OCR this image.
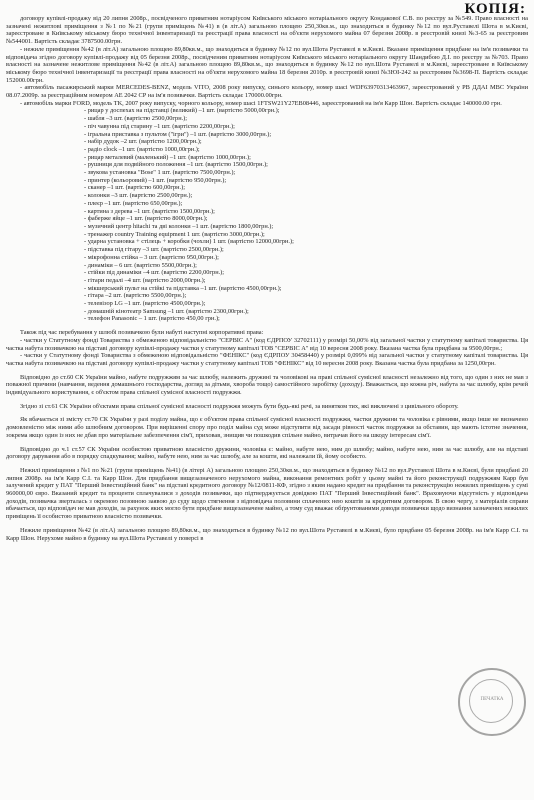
КОПІЯ:

договору купівлі-продажу від 20 липня 2008р., посвідченого приватним нотаріусом Київського міського нотаріального округу Кондакової С.В. по реєстру за №549. Право власності на зазначені нежитлові приміщення з №1 по №21 (групи приміщень №41) в (в літ.А) загальною площею 250,30кв.м., що знаходиться в будинку №12 по вул.Руставелі Шота в м.Києві, зареєстроване в Київському міському бюро технічної інвентаризації та реєстрації права власності на об'єкти нерухомого майна 07 березня 2008р. в реєстровій книзі №3-65 за реєстровим №544001. Вартість складає 3787500.00грн.

- нежиле приміщення №42 (в літ.А) загальною площею 89,80кв.м., що знаходиться в будинку №12 по вул.Шота Руставелі в м.Києві. Вказане приміщення придбане на ім'я позивачки та відповідача згідно договору купівлі-продажу від 05 березня 2008р., посвідченим приватним нотаріусом Київського міського нотаріального округу Шандибою Д.І. по реєстру за №703. Право власності на зазначене нежитлове приміщення №42 (в літ.А) загальною площею 89,80кв.м., що знаходиться в будинку №12 по вул.Шота Руставелі в м.Києві, зареєстроване в Київському міському бюро технічної інвентаризації та реєстрації права власності на об'єкти нерухомого майна 18 березня 2010р. в реєстровій книзі №3ЮІ-242 за реєстровим №3698-П. Вартість складає 152000.00грн.

- автомобіль пасажирський марки MERCEDES-BENZ, модель VITO, 2008 року випуску, синього кольору, номер шасі WDF63970313463967, зареєстрований у РВ ДДАІ МВС України 08.07.2009р. за реєстраційним номером АЕ 2042 СР на ім'я позивачки. Вартість складає 170000.00грн.

- автомобіль марки FORD, модель TK, 2007 року випуску, чорного кольору, номер шасі 1FTSW21Y27EB08446, зареєстрований на ім'я Карр Шон. Вартість складає 140000.00 грн.

- рицар у доспехах на підставці (великий) –1 шт. (вартістю 5000,00грн.);
- шабля –3 шт. (вартістю 2500,00грн.);
- піч чавунна під старину –1 шт. (вартістю 2200,00грн.);
- ігральна приставка з пультом ("ігри") –1 шт. (вартістю 3000,00грн.);
- набір дудок –2 шт. (вартістю 1200,00грн.);
- радіо clock –1 шт. (вартістю 1000,00грн.);
- рицар металевий (маленький) –1 шт. (вартістю 1000,00грн.);
- рушниця для подвійного положення –1 шт. (вартістю 1500,00грн.);
- звукова установка "Bose" 1 шт. (вартістю 7500,00грн.);
- принтер (кольоровий) –1 шт. (вартістю 950,00грн.);
- сканер –1 шт. (вартістю 600,00грн.);
- колонки –3 шт. (вартістю 2500,00грн.);
- плеєр –1 шт. (вартістю 650,00грн.);
- картина з дерева –1 шт. (вартістю 1500,00грн.);
- фаберже яйце –1 шт. (вартістю 8000,00грн.);
- музичний центр hitachi та дві колонки –1 шт. (вартістю 1800,00грн.);
- тренажер country Training equipment 1 шт. (вартістю 3000,00грн.);
- ударна установка + стілець + коробки (чохли) 1 шт. (вартістю 12000,00грн.);
- підставка під гітару –3 шт. (вартістю 2500,00грн.);
- мікрофонна стійка – 3 шт. (вартістю 950,00грн.);
- динаміки – 6 шт. (вартістю 5500,00грн.);
- стійки під динаміки –4 шт. (вартістю 2200,00грн.);
- гітари педалі –4 шт. (вартістю 2000,00грн.);
- мікшерський пульт на стійкі та підставка –1 шт. (вартістю 4500,00грн.);
- гітара –2 шт. (вартістю 5500,00грн.);
- телевізор LG –1 шт. (вартістю 4500,00грн.);
- домашній кінотеатр Samsung –1 шт. (вартістю 2300,00грн.);
- телефон Panasonic – 1 шт. (вартістю 450,00 грн.);

Також під час перебування у шлюбі позивачкою були набуті наступні корпоративні права:

- частки у Статутному фонді Товариства з обмеженою відповідальністю "СЕРВІС А" (код ЄДРПОУ 32702111) у розмірі 50,00% від загальної частки у статутному капіталі товариства. Ця частка набута позивачкою на підставі договору купівлі-продажу частки у статутному капіталі ТОВ "СЕРВІС А" від 10 вересня 2008 року. Вказана частка була придбана за 9500,00грн.;

- частки у Статутному фонді Товариства з обмеженою відповідальністю "ФЕНІКС" (код ЄДРПОУ 30458440) у розмірі 0,099% від загальної частки у статутному капіталі товариства. Ця частка набута позивачкою на підставі договору купівлі-продажу частки у статутному капіталі ТОВ "ФЕНІКС" від 10 вересня 2008 року. Вказана частка була придбана за 1250,00грн.

Відповідно до ст.60 СК України майно, набуте подружжям за час шлюбу, належить дружині та чоловікові на праві спільної сумісної власності незалежно від того, що один з них не мав з поважної причини (навчання, ведення домашнього господарства, догляд за дітьми, хвороба тощо) самостійного заробітку (доходу). Вважається, що кожна річ, набута за час шлюбу, крім речей індивідуального користування, є об'єктом права спільної сумісної власності подружжя.

Згідно зі ст.61 СК України об'єктами права спільної сумісної власності подружжя можуть бути будь-які речі, за винятком тих, які виключені з цивільного обороту.

Як вбачається зі змісту ст.70 СК України у разі поділу майна, що є об'єктом права спільної сумісної власності подружжя, частки дружини та чоловіка є рівними, якщо інше не визначено домовленістю між ними або шлюбним договором. При вирішенні спору про поділ майна суд може відступити від засади рівності часток подружжя за обставин, що мають істотне значення, зокрема якщо один із них не дбав про матеріальне забезпечення сім'ї, приховав, знищив чи пошкодив спільне майно, витрачав його на шкоду інтересам сім'ї.

Відповідно до ч.1 ст.57 СК України особистою приватною власністю дружини, чоловіка є: майно, набуте нею, ним до шлюбу; майно, набуте нею, ним за час шлюбу, але на підставі договору дарування або в порядку спадкування; майно, набуте нею, ним за час шлюбу, але за кошти, які належали їй, йому особисто.

Нежилі приміщення з №1 по №21 (групи приміщень №41) (в літері А) загальною площею 250,30кв.м., що знаходяться в будинку №12 по вул.Руставелі Шота в м.Києві, були придбані 20 липня 2008р. на ім'я Карр С.І. та Карр Шон. Для придбання вищезазначеного нерухомого майна, виконання ремонтних робіт у цьому майні та його реконструкції подружжям Карр був залучений кредит у ПАТ "Перший Інвестиційний банк" на підставі кредитного договору №12/0811-КФ, згідно з яким надано кредит на придбання та реконструкцію нежилих приміщень у сумі 960000,00 євро. Вказаний кредит та проценти сплачувалися з доходів позивачки, що підтверджується довідкою ПАТ "Перший Інвестиційний банк". Враховуючи відсутність у відповідача доходів, позивачка зверталась з окремою позовною заявою до суду щодо стягнення з відповідача половини сплачених нею коштів за кредитним договором. В свою чергу, з матеріалів справи вбачається, що відповідач не мав доходів, за рахунок яких могло бути придбане вищезазначене майно, а тому суд вважає обґрунтованими доводи позивачки щодо визнання зазначених нежилих приміщень її особистою приватною власністю позивачки.

Нежиле приміщення №42 (в літ.А) загальною площею 89,80кв.м., що знаходиться в будинку №12 по вул.Шота Руставелі в м.Києві, було придбане 05 березня 2008р. на ім'я Карр С.І. та Карр Шон. Нерухоме майно в будинку на вул.Шота Руставелі у поверсі в

ПЕЧАТКА
